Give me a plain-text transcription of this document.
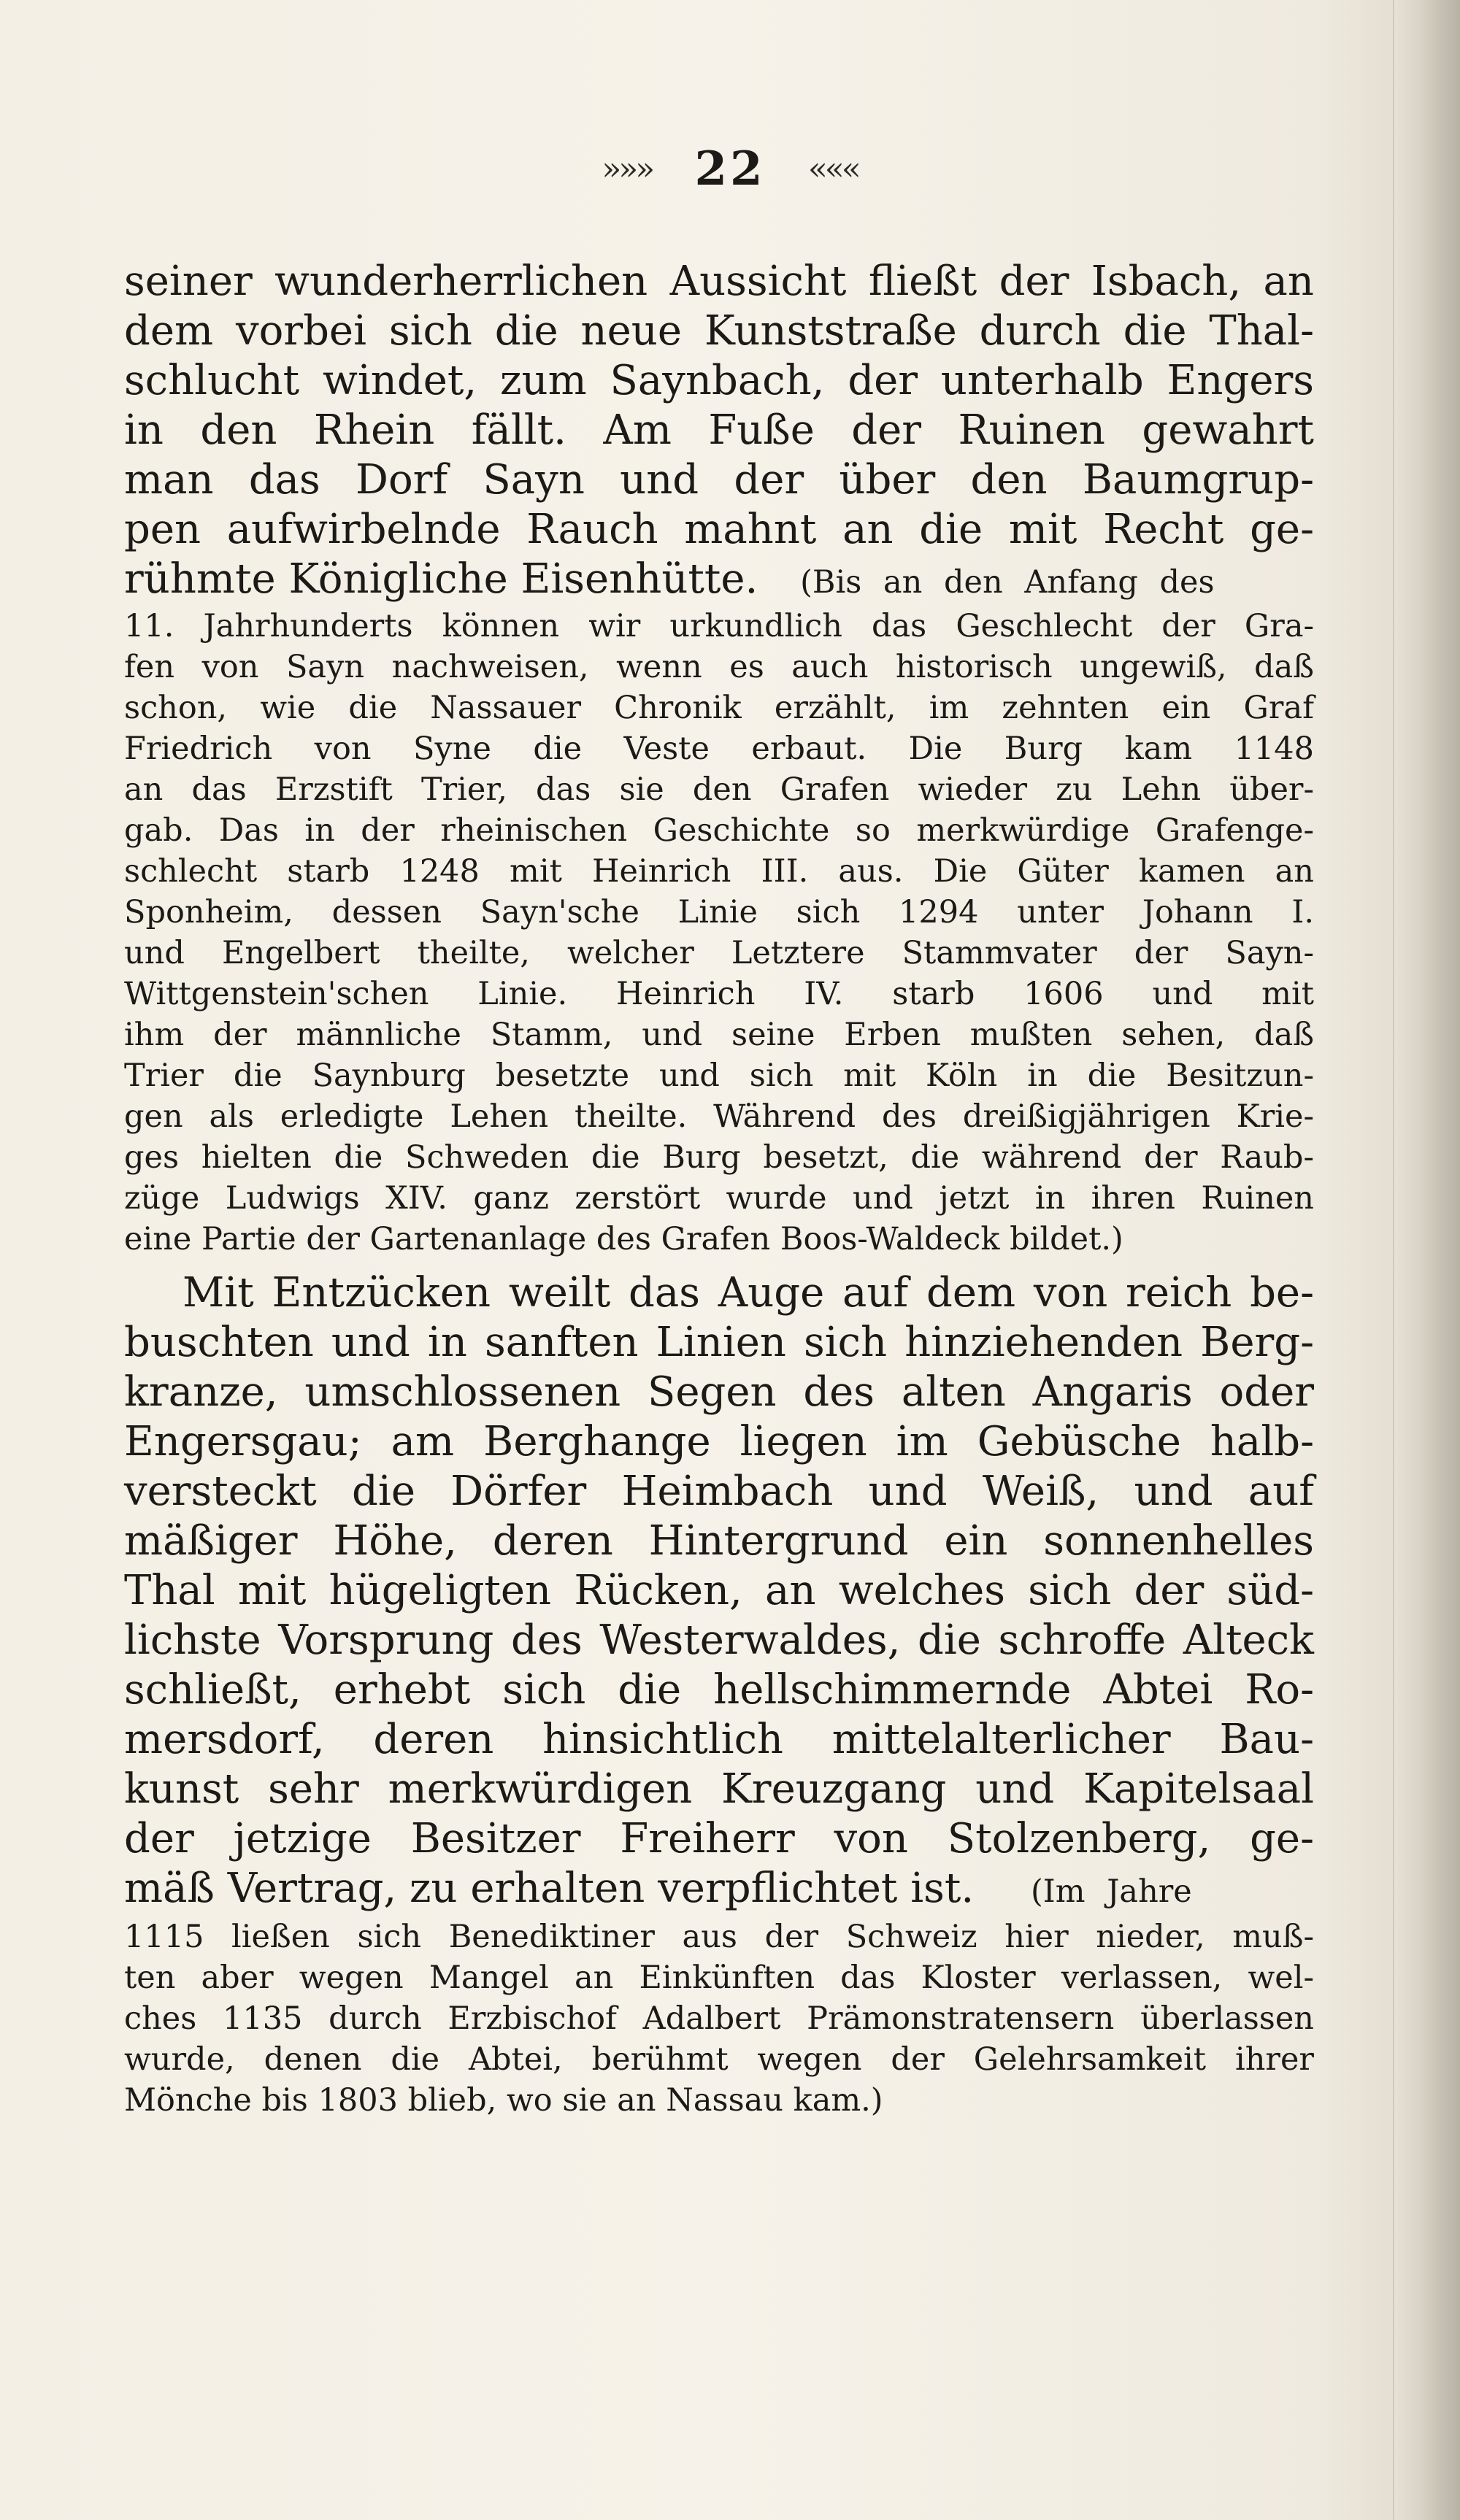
»»» 22 «««
seiner wunderherrlichen Aussicht fließt der Isbach, an
dem vorbei sich die neue Kunststraße durch die Thal-
schlucht windet, zum Saynbach, der unterhalb Engers
in den Rhein fällt. Am Fuße der Ruinen gewahrt
man das Dorf Sayn und der über den Baumgrup-
pen aufwirbelnde Rauch mahnt an die mit Recht ge-
rühmte Königliche Eisenhütte. (Bis an den Anfang des
11. Jahrhunderts können wir urkundlich das Geschlecht der Gra-
fen von Sayn nachweisen, wenn es auch historisch ungewiß, daß
schon, wie die Nassauer Chronik erzählt, im zehnten ein Graf
Friedrich von Syne die Veste erbaut. Die Burg kam 1148
an das Erzstift Trier, das sie den Grafen wieder zu Lehn über-
gab. Das in der rheinischen Geschichte so merkwürdige Grafenge-
schlecht starb 1248 mit Heinrich III. aus. Die Güter kamen an
Sponheim, dessen Sayn'sche Linie sich 1294 unter Johann I.
und Engelbert theilte, welcher Letztere Stammvater der Sayn-
Wittgenstein'schen Linie. Heinrich IV. starb 1606 und mit
ihm der männliche Stamm, und seine Erben mußten sehen, daß
Trier die Saynburg besetzte und sich mit Köln in die Besitzun-
gen als erledigte Lehen theilte. Während des dreißigjährigen Krie-
ges hielten die Schweden die Burg besetzt, die während der Raub-
züge Ludwigs XIV. ganz zerstört wurde und jetzt in ihren Ruinen
eine Partie der Gartenanlage des Grafen Boos-Waldeck bildet.)
Mit Entzücken weilt das Auge auf dem von reich be-
buschten und in sanften Linien sich hinziehenden Berg-
kranze, umschlossenen Segen des alten Angaris oder
Engersgau; am Berghange liegen im Gebüsche halb-
versteckt die Dörfer Heimbach und Weiß, und auf
mäßiger Höhe, deren Hintergrund ein sonnenhelles
Thal mit hügeligten Rücken, an welches sich der süd-
lichste Vorsprung des Westerwaldes, die schroffe Alteck
schließt, erhebt sich die hellschimmernde Abtei Ro-
mersdorf, deren hinsichtlich mittelalterlicher Bau-
kunst sehr merkwürdigen Kreuzgang und Kapitelsaal
der jetzige Besitzer Freiherr von Stolzenberg, ge-
mäß Vertrag, zu erhalten verpflichtet ist. (Im Jahre
1115 ließen sich Benediktiner aus der Schweiz hier nieder, muß-
ten aber wegen Mangel an Einkünften das Kloster verlassen, wel-
ches 1135 durch Erzbischof Adalbert Prämonstratensern überlassen
wurde, denen die Abtei, berühmt wegen der Gelehrsamkeit ihrer
Mönche bis 1803 blieb, wo sie an Nassau kam.)
